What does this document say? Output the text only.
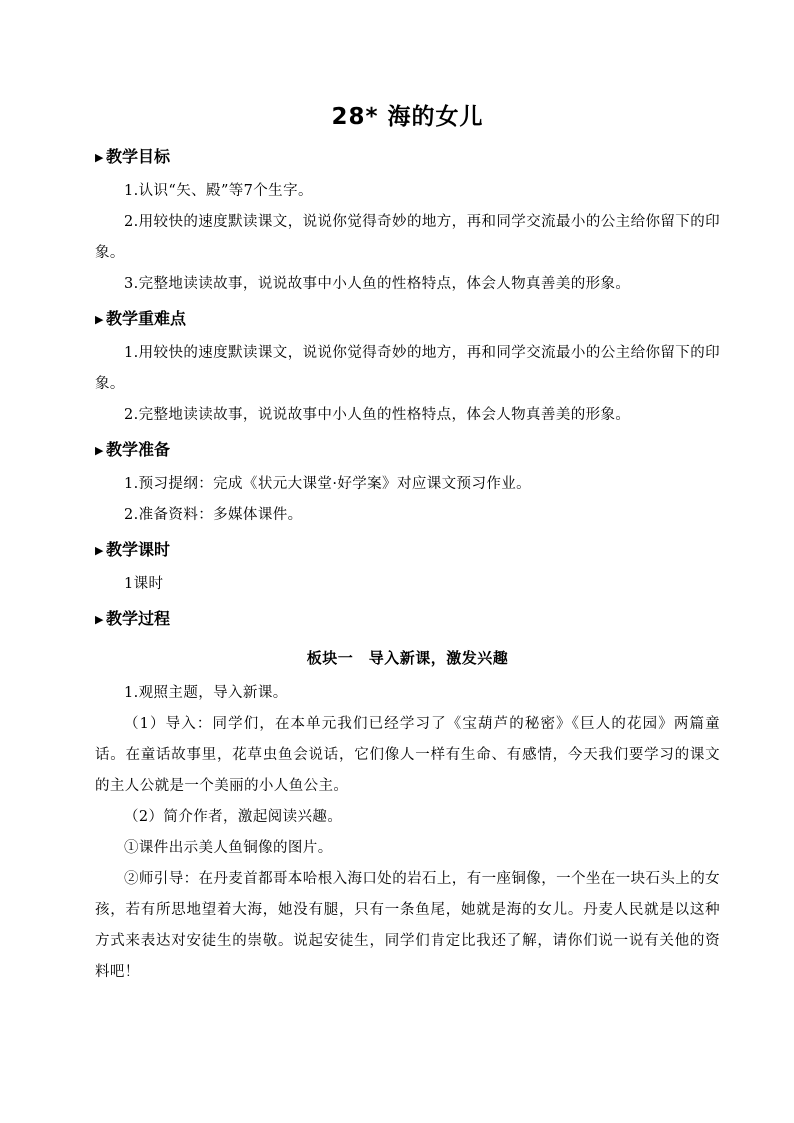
28* 海的女儿
▶ 教学目标

1.认识“矢、殿”等7个生字。

2.用较快的速度默读课文，说说你觉得奇妙的地方，再和同学交流最小的公主给你留下的印象。

3.完整地读读故事，说说故事中小人鱼的性格特点，体会人物真善美的形象。

▶ 教学重难点

1.用较快的速度默读课文，说说你觉得奇妙的地方，再和同学交流最小的公主给你留下的印象。

2.完整地读读故事，说说故事中小人鱼的性格特点，体会人物真善美的形象。

▶ 教学准备

1.预习提纲：完成《状元大课堂·好学案》对应课文预习作业。

2.准备资料：多媒体课件。

▶ 教学课时

1课时

▶ 教学过程
板块一　导入新课，激发兴趣

1.观照主题，导入新课。

（1）导入：同学们，在本单元我们已经学习了《宝葫芦的秘密》《巨人的花园》两篇童话。在童话故事里，花草虫鱼会说话，它们像人一样有生命、有感情，今天我们要学习的课文的主人公就是一个美丽的小人鱼公主。

（2）简介作者，激起阅读兴趣。

①课件出示美人鱼铜像的图片。

②师引导：在丹麦首都哥本哈根入海口处的岩石上，有一座铜像，一个坐在一块石头上的女孩，若有所思地望着大海，她没有腿，只有一条鱼尾，她就是海的女儿。丹麦人民就是以这种方式来表达对安徒生的崇敬。说起安徒生，同学们肯定比我还了解，请你们说一说有关他的资料吧！
